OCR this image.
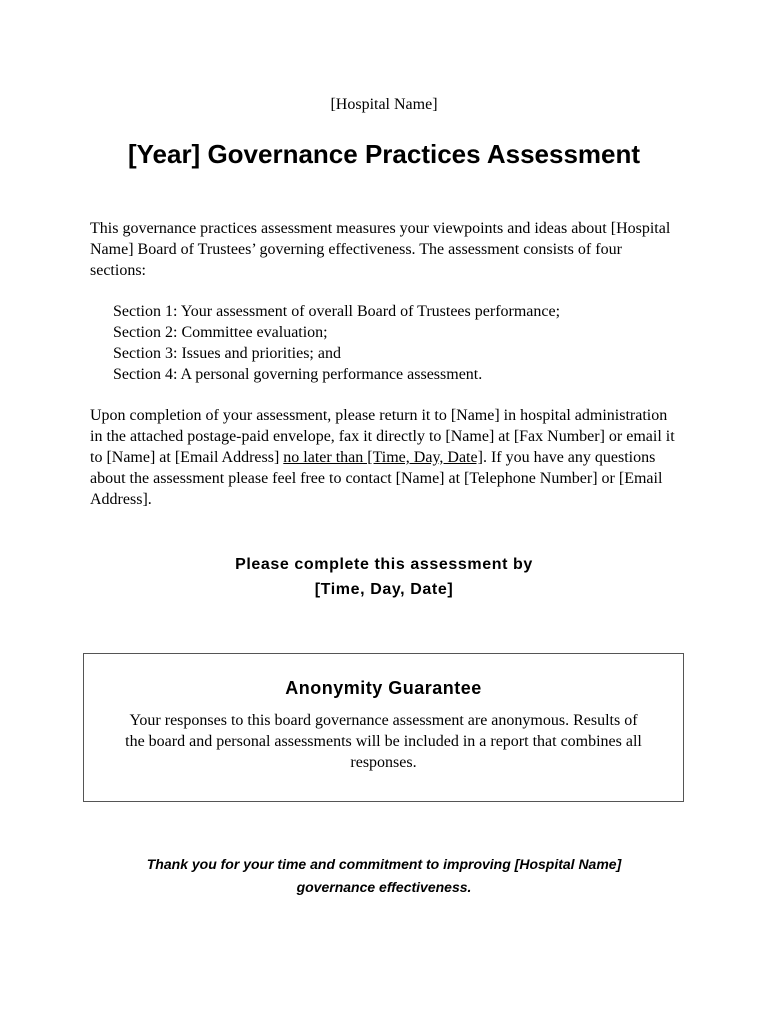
[Hospital Name]
[Year] Governance Practices Assessment

This governance practices assessment measures your viewpoints and ideas about [Hospital Name] Board of Trustees’ governing effectiveness. The assessment consists of four sections:

Section 1: Your assessment of overall Board of Trustees performance;
Section 2: Committee evaluation;
Section 3: Issues and priorities; and
Section 4: A personal governing performance assessment.

Upon completion of your assessment, please return it to [Name] in hospital administration in the attached postage-paid envelope, fax it directly to [Name] at [Fax Number] or email it to [Name] at [Email Address] no later than [Time, Day, Date]. If you have any questions about the assessment please feel free to contact [Name] at [Telephone Number] or [Email Address].

Please complete this assessment by
[Time, Day, Date]
Anonymity Guarantee

Your responses to this board governance assessment are anonymous. Results of the board and personal assessments will be included in a report that combines all responses.

Thank you for your time and commitment to improving [Hospital Name]
governance effectiveness.
